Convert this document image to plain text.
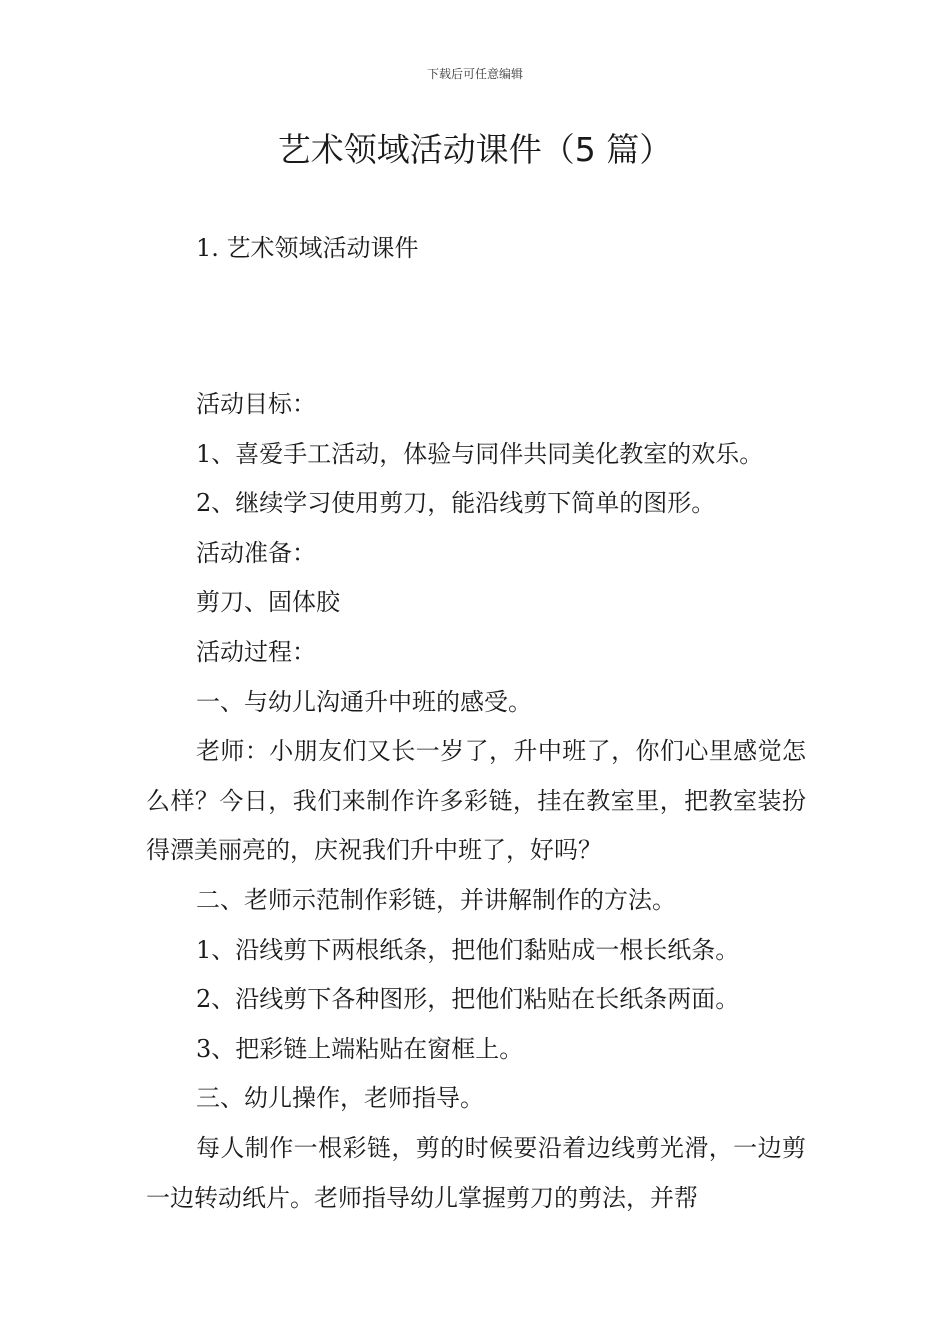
下载后可任意编辑
艺术领域活动课件（5 篇）
1. 艺术领域活动课件

活动目标：

1、喜爱手工活动，体验与同伴共同美化教室的欢乐。

2、继续学习使用剪刀，能沿线剪下简单的图形。

活动准备：

剪刀、固体胶

活动过程：

一、与幼儿沟通升中班的感受。

老师：小朋友们又长一岁了，升中班了，你们心里感觉怎么样？今日，我们来制作许多彩链，挂在教室里，把教室装扮得漂美丽亮的，庆祝我们升中班了，好吗？

二、老师示范制作彩链，并讲解制作的方法。

1、沿线剪下两根纸条，把他们黏贴成一根长纸条。

2、沿线剪下各种图形，把他们粘贴在长纸条两面。

3、把彩链上端粘贴在窗框上。

三、幼儿操作，老师指导。

每人制作一根彩链，剪的时候要沿着边线剪光滑，一边剪一边转动纸片。老师指导幼儿掌握剪刀的剪法，并帮
